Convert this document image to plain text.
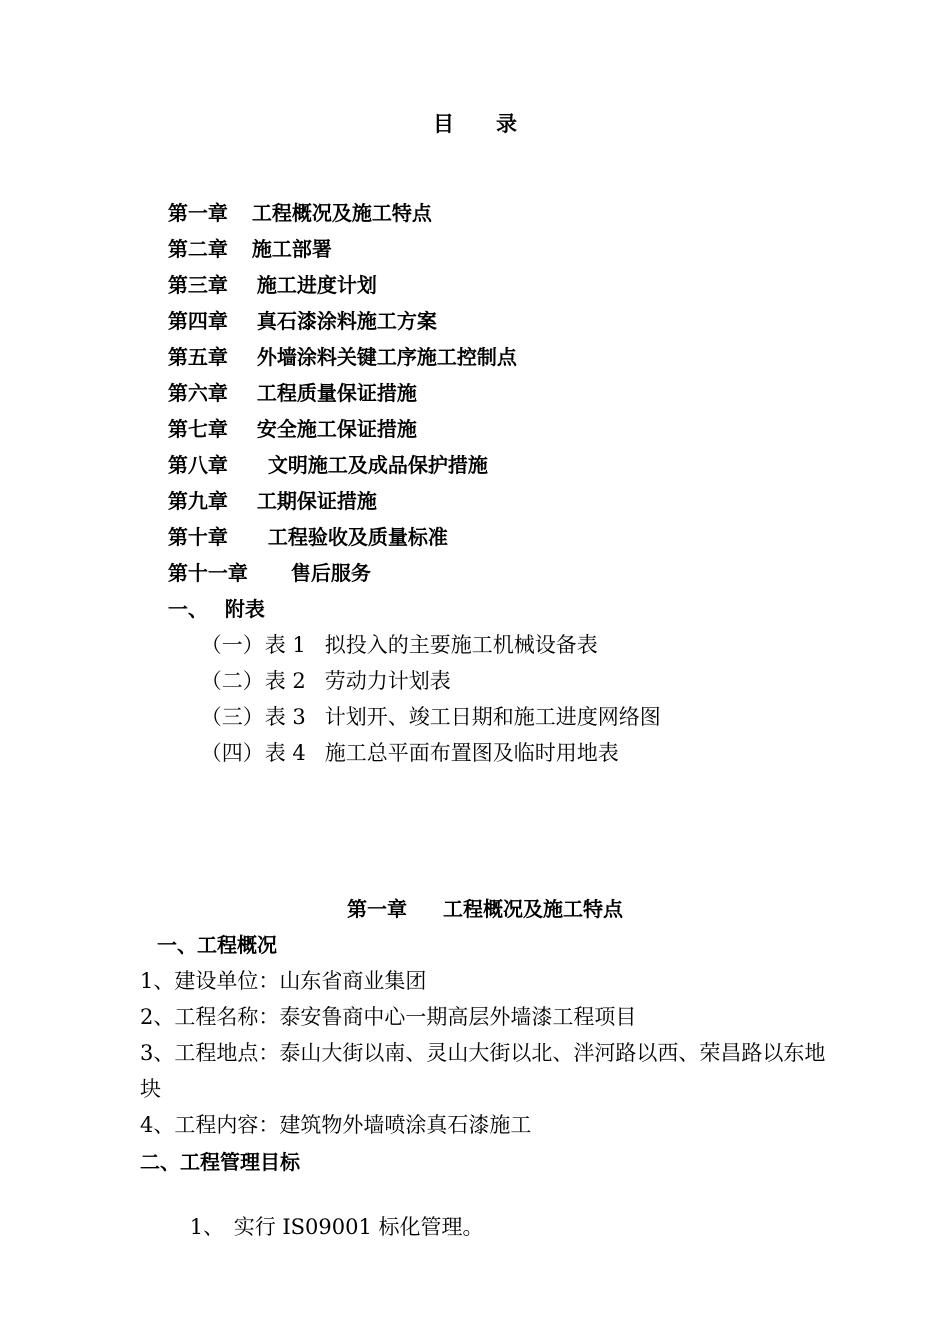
目 录

第一章 工程概况及施工特点

第二章 施工部署

第三章 施工进度计划

第四章 真石漆涂料施工方案

第五章 外墙涂料关键工序施工控制点

第六章 工程质量保证措施

第七章 安全施工保证措施

第八章 文明施工及成品保护措施

第九章 工期保证措施

第十章 工程验收及质量标准

第十一章 售后服务

一、 附表

（一）表 1 拟投入的主要施工机械设备表

（二）表 2 劳动力计划表

（三）表 3 计划开、竣工日期和施工进度网络图

（四）表 4 施工总平面布置图及临时用地表

第一章 工程概况及施工特点
一、工程概况
1、建设单位：山东省商业集团
2、工程名称：泰安鲁商中心一期高层外墙漆工程项目
3、工程地点：泰山大街以南、灵山大街以北、泮河路以西、荣昌路以东地
块
4、工程内容：建筑物外墙喷涂真石漆施工
二、工程管理目标

1、 实行 IS09001 标化管理。
